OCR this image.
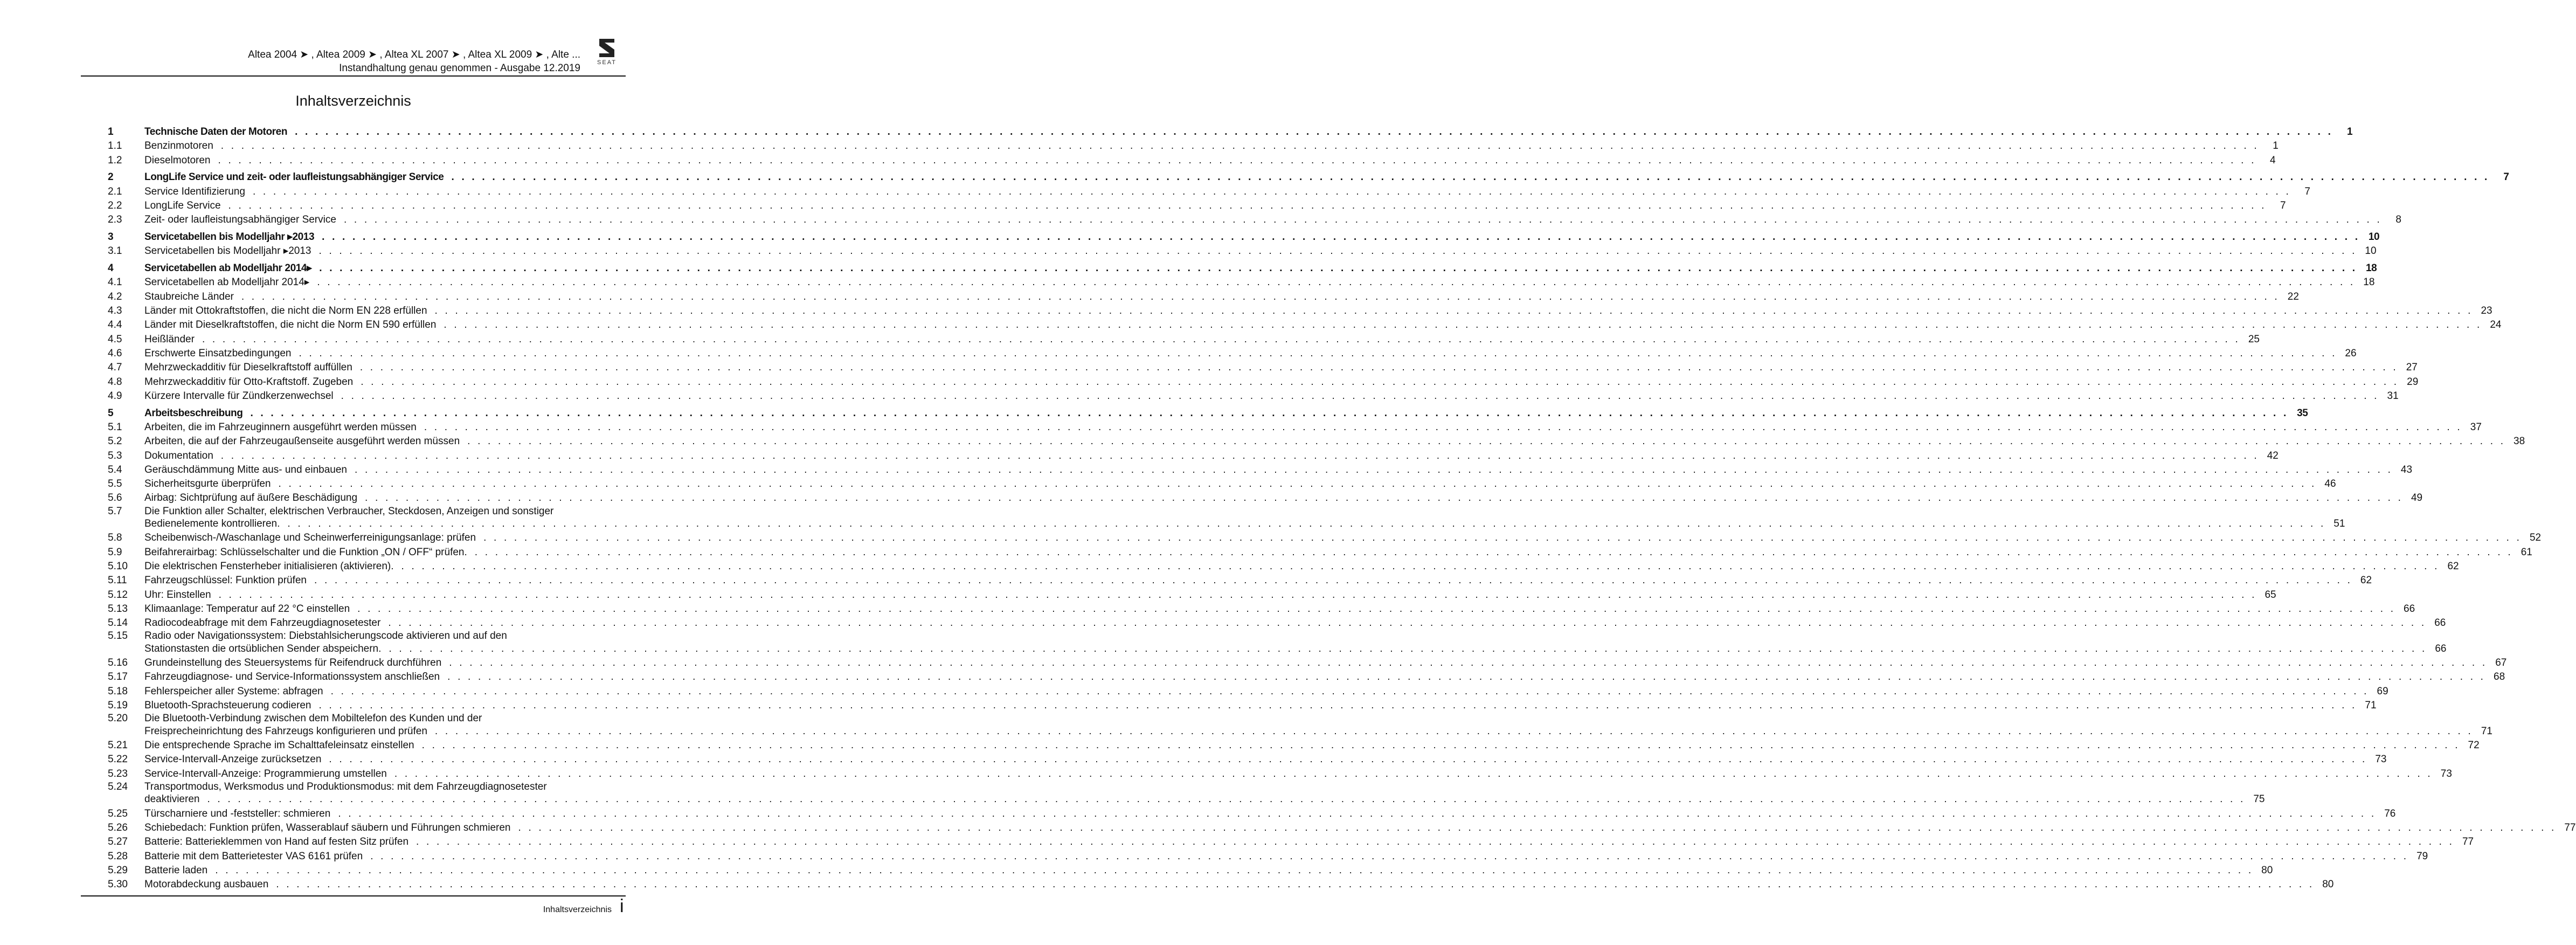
Altea 2004 ➤ , Altea 2009 ➤ , Altea XL 2007 ➤ , Altea XL 2009 ➤ , Alte ...
Instandhaltung genau genommen - Ausgabe 12.2019	SEAT
Inhaltsverzeichnis
1	Technische Daten der Motoren . . . . . . . . . . . . . . . . . . . . . . . . . . . . . . . . . . . . . . . . . . . . . . . . . . . . . . . . . . . . . . . . . . . . . . . . . . . . . . . . . . . . . . . . . . . . . . . . . . . . . . . . . . . . . . . . . . . . . . . . . . . . . . . . . . . . . . . . . . . . . . . . . . . . . . . . . . . . . . . . . . . . . . . . . . . . . . . . . . . . . . . . . . . . . . . . . . . . . . . .	1
1.1	Benzinmotoren . . . . . . . . . . . . . . . . . . . . . . . . . . . . . . . . . . . . . . . . . . . . . . . . . . . . . . . . . . . . . . . . . . . . . . . . . . . . . . . . . . . . . . . . . . . . . . . . . . . . . . . . . . . . . . . . . . . . . . . . . . . . . . . . . . . . . . . . . . . . . . . . . . . . . . . . . . . . . . . . . . . . . . . . . . . . . . . . . . . . . . . . . . . . . . . . . . . . . . . .	1
1.2	Dieselmotoren . . . . . . . . . . . . . . . . . . . . . . . . . . . . . . . . . . . . . . . . . . . . . . . . . . . . . . . . . . . . . . . . . . . . . . . . . . . . . . . . . . . . . . . . . . . . . . . . . . . . . . . . . . . . . . . . . . . . . . . . . . . . . . . . . . . . . . . . . . . . . . . . . . . . . . . . . . . . . . . . . . . . . . . . . . . . . . . . . . . . . . . . . . . . . . . . . . . . . . . .	4
2	LongLife Service und zeit- oder laufleistungsabhängiger Service . . . . . . . . . . . . . . . . . . . . . . . . . . . . . . . . . . . . . . . . . . . . . . . . . . . . . . . . . . . . . . . . . . . . . . . . . . . . . . . . . . . . . . . . . . . . . . . . . . . . . . . . . . . . . . . . . . . . . . . . . . . . . . . . . . . . . . . . . . . . . . . . . . . . . . . . . . . . . . . . . . . . . . . . . . . . . . . . . . . . . . . . . . . . . . . . . . . . . . . .	7
2.1	Service Identifizierung . . . . . . . . . . . . . . . . . . . . . . . . . . . . . . . . . . . . . . . . . . . . . . . . . . . . . . . . . . . . . . . . . . . . . . . . . . . . . . . . . . . . . . . . . . . . . . . . . . . . . . . . . . . . . . . . . . . . . . . . . . . . . . . . . . . . . . . . . . . . . . . . . . . . . . . . . . . . . . . . . . . . . . . . . . . . . . . . . . . . . . . . . . . . . . . . . . . . . . . .	7
2.2	LongLife Service . . . . . . . . . . . . . . . . . . . . . . . . . . . . . . . . . . . . . . . . . . . . . . . . . . . . . . . . . . . . . . . . . . . . . . . . . . . . . . . . . . . . . . . . . . . . . . . . . . . . . . . . . . . . . . . . . . . . . . . . . . . . . . . . . . . . . . . . . . . . . . . . . . . . . . . . . . . . . . . . . . . . . . . . . . . . . . . . . . . . . . . . . . . . . . . . . . . . . . . .	7
2.3	Zeit- oder laufleistungsabhängiger Service . . . . . . . . . . . . . . . . . . . . . . . . . . . . . . . . . . . . . . . . . . . . . . . . . . . . . . . . . . . . . . . . . . . . . . . . . . . . . . . . . . . . . . . . . . . . . . . . . . . . . . . . . . . . . . . . . . . . . . . . . . . . . . . . . . . . . . . . . . . . . . . . . . . . . . . . . . . . . . . . . . . . . . . . . . . . . . . . . . . . . . . . . . . . . . . . . . . . . . . .	8
3	Servicetabellen bis Modelljahr ▸2013 . . . . . . . . . . . . . . . . . . . . . . . . . . . . . . . . . . . . . . . . . . . . . . . . . . . . . . . . . . . . . . . . . . . . . . . . . . . . . . . . . . . . . . . . . . . . . . . . . . . . . . . . . . . . . . . . . . . . . . . . . . . . . . . . . . . . . . . . . . . . . . . . . . . . . . . . . . . . . . . . . . . . . . . . . . . . . . . . . . . . . . . . . . . . . . . . . . . . . . . . 10
3.1	Servicetabellen bis Modelljahr ▸2013 . . . . . . . . . . . . . . . . . . . . . . . . . . . . . . . . . . . . . . . . . . . . . . . . . . . . . . . . . . . . . . . . . . . . . . . . . . . . . . . . . . . . . . . . . . . . . . . . . . . . . . . . . . . . . . . . . . . . . . . . . . . . . . . . . . . . . . . . . . . . . . . . . . . . . . . . . . . . . . . . . . . . . . . . . . . . . . . . . . . . . . . . . . . . . . . . . . . . . . . . 10
4	Servicetabellen ab Modelljahr 2014▸ . . . . . . . . . . . . . . . . . . . . . . . . . . . . . . . . . . . . . . . . . . . . . . . . . . . . . . . . . . . . . . . . . . . . . . . . . . . . . . . . . . . . . . . . . . . . . . . . . . . . . . . . . . . . . . . . . . . . . . . . . . . . . . . . . . . . . . . . . . . . . . . . . . . . . . . . . . . . . . . . . . . . . . . . . . . . . . . . . . . . . . . . . . . . . . . . . . . . . . . . 18
4.1	Servicetabellen ab Modelljahr 2014▸ . . . . . . . . . . . . . . . . . . . . . . . . . . . . . . . . . . . . . . . . . . . . . . . . . . . . . . . . . . . . . . . . . . . . . . . . . . . . . . . . . . . . . . . . . . . . . . . . . . . . . . . . . . . . . . . . . . . . . . . . . . . . . . . . . . . . . . . . . . . . . . . . . . . . . . . . . . . . . . . . . . . . . . . . . . . . . . . . . . . . . . . . . . . . . . . . . . . . . . . . 18
4.2	Staubreiche Länder . . . . . . . . . . . . . . . . . . . . . . . . . . . . . . . . . . . . . . . . . . . . . . . . . . . . . . . . . . . . . . . . . . . . . . . . . . . . . . . . . . . . . . . . . . . . . . . . . . . . . . . . . . . . . . . . . . . . . . . . . . . . . . . . . . . . . . . . . . . . . . . . . . . . . . . . . . . . . . . . . . . . . . . . . . . . . . . . . . . . . . . . . . . . . . . . . . . . . . . . 22
4.3	Länder mit Ottokraftstoffen, die nicht die Norm EN 228 erfüllen . . . . . . . . . . . . . . . . . . . . . . . . . . . . . . . . . . . . . . . . . . . . . . . . . . . . . . . . . . . . . . . . . . . . . . . . . . . . . . . . . . . . . . . . . . . . . . . . . . . . . . . . . . . . . . . . . . . . . . . . . . . . . . . . . . . . . . . . . . . . . . . . . . . . . . . . . . . . . . . . . . . . . . . . . . . . . . . . . . . . . . . . . . . . . . . . . . . . . . . . 23
4.4	Länder mit Dieselkraftstoffen, die nicht die Norm EN 590 erfüllen . . . . . . . . . . . . . . . . . . . . . . . . . . . . . . . . . . . . . . . . . . . . . . . . . . . . . . . . . . . . . . . . . . . . . . . . . . . . . . . . . . . . . . . . . . . . . . . . . . . . . . . . . . . . . . . . . . . . . . . . . . . . . . . . . . . . . . . . . . . . . . . . . . . . . . . . . . . . . . . . . . . . . . . . . . . . . . . . . . . . . . . . . . . . . . . . . . . . . . . . 24
4.5	Heißländer . . . . . . . . . . . . . . . . . . . . . . . . . . . . . . . . . . . . . . . . . . . . . . . . . . . . . . . . . . . . . . . . . . . . . . . . . . . . . . . . . . . . . . . . . . . . . . . . . . . . . . . . . . . . . . . . . . . . . . . . . . . . . . . . . . . . . . . . . . . . . . . . . . . . . . . . . . . . . . . . . . . . . . . . . . . . . . . . . . . . . . . . . . . . . . . . . . . . . . . . 25
4.6	Erschwerte Einsatzbedingungen . . . . . . . . . . . . . . . . . . . . . . . . . . . . . . . . . . . . . . . . . . . . . . . . . . . . . . . . . . . . . . . . . . . . . . . . . . . . . . . . . . . . . . . . . . . . . . . . . . . . . . . . . . . . . . . . . . . . . . . . . . . . . . . . . . . . . . . . . . . . . . . . . . . . . . . . . . . . . . . . . . . . . . . . . . . . . . . . . . . . . . . . . . . . . . . . . . . . . . . . 26
4.7	Mehrzweckadditiv für Dieselkraftstoff auffüllen . . . . . . . . . . . . . . . . . . . . . . . . . . . . . . . . . . . . . . . . . . . . . . . . . . . . . . . . . . . . . . . . . . . . . . . . . . . . . . . . . . . . . . . . . . . . . . . . . . . . . . . . . . . . . . . . . . . . . . . . . . . . . . . . . . . . . . . . . . . . . . . . . . . . . . . . . . . . . . . . . . . . . . . . . . . . . . . . . . . . . . . . . . . . . . . . . . . . . . . . 27
4.8	Mehrzweckadditiv für Otto-Kraftstoff. Zugeben . . . . . . . . . . . . . . . . . . . . . . . . . . . . . . . . . . . . . . . . . . . . . . . . . . . . . . . . . . . . . . . . . . . . . . . . . . . . . . . . . . . . . . . . . . . . . . . . . . . . . . . . . . . . . . . . . . . . . . . . . . . . . . . . . . . . . . . . . . . . . . . . . . . . . . . . . . . . . . . . . . . . . . . . . . . . . . . . . . . . . . . . . . . . . . . . . . . . . . . . 29
4.9	Kürzere Intervalle für Zündkerzenwechsel . . . . . . . . . . . . . . . . . . . . . . . . . . . . . . . . . . . . . . . . . . . . . . . . . . . . . . . . . . . . . . . . . . . . . . . . . . . . . . . . . . . . . . . . . . . . . . . . . . . . . . . . . . . . . . . . . . . . . . . . . . . . . . . . . . . . . . . . . . . . . . . . . . . . . . . . . . . . . . . . . . . . . . . . . . . . . . . . . . . . . . . . . . . . . . . . . . . . . . . . 31
5	Arbeitsbeschreibung . . . . . . . . . . . . . . . . . . . . . . . . . . . . . . . . . . . . . . . . . . . . . . . . . . . . . . . . . . . . . . . . . . . . . . . . . . . . . . . . . . . . . . . . . . . . . . . . . . . . . . . . . . . . . . . . . . . . . . . . . . . . . . . . . . . . . . . . . . . . . . . . . . . . . . . . . . . . . . . . . . . . . . . . . . . . . . . . . . . . . . . . . . . . . . . . . . . . . . . . 35
5.1	Arbeiten, die im Fahrzeuginnern ausgeführt werden müssen . . . . . . . . . . . . . . . . . . . . . . . . . . . . . . . . . . . . . . . . . . . . . . . . . . . . . . . . . . . . . . . . . . . . . . . . . . . . . . . . . . . . . . . . . . . . . . . . . . . . . . . . . . . . . . . . . . . . . . . . . . . . . . . . . . . . . . . . . . . . . . . . . . . . . . . . . . . . . . . . . . . . . . . . . . . . . . . . . . . . . . . . . . . . . . . . . . . . . . . . 37
5.2	Arbeiten, die auf der Fahrzeugaußenseite ausgeführt werden müssen . . . . . . . . . . . . . . . . . . . . . . . . . . . . . . . . . . . . . . . . . . . . . . . . . . . . . . . . . . . . . . . . . . . . . . . . . . . . . . . . . . . . . . . . . . . . . . . . . . . . . . . . . . . . . . . . . . . . . . . . . . . . . . . . . . . . . . . . . . . . . . . . . . . . . . . . . . . . . . . . . . . . . . . . . . . . . . . . . . . . . . . . . . . . . . . . . . . . . . . . 38
5.3	Dokumentation . . . . . . . . . . . . . . . . . . . . . . . . . . . . . . . . . . . . . . . . . . . . . . . . . . . . . . . . . . . . . . . . . . . . . . . . . . . . . . . . . . . . . . . . . . . . . . . . . . . . . . . . . . . . . . . . . . . . . . . . . . . . . . . . . . . . . . . . . . . . . . . . . . . . . . . . . . . . . . . . . . . . . . . . . . . . . . . . . . . . . . . . . . . . . . . . . . . . . . . . 42
5.4	Geräuschdämmung Mitte aus- und einbauen . . . . . . . . . . . . . . . . . . . . . . . . . . . . . . . . . . . . . . . . . . . . . . . . . . . . . . . . . . . . . . . . . . . . . . . . . . . . . . . . . . . . . . . . . . . . . . . . . . . . . . . . . . . . . . . . . . . . . . . . . . . . . . . . . . . . . . . . . . . . . . . . . . . . . . . . . . . . . . . . . . . . . . . . . . . . . . . . . . . . . . . . . . . . . . . . . . . . . . . . 43
5.5	Sicherheitsgurte überprüfen . . . . . . . . . . . . . . . . . . . . . . . . . . . . . . . . . . . . . . . . . . . . . . . . . . . . . . . . . . . . . . . . . . . . . . . . . . . . . . . . . . . . . . . . . . . . . . . . . . . . . . . . . . . . . . . . . . . . . . . . . . . . . . . . . . . . . . . . . . . . . . . . . . . . . . . . . . . . . . . . . . . . . . . . . . . . . . . . . . . . . . . . . . . . . . . . . . . . . . . . 46
5.6	Airbag: Sichtprüfung auf äußere Beschädigung . . . . . . . . . . . . . . . . . . . . . . . . . . . . . . . . . . . . . . . . . . . . . . . . . . . . . . . . . . . . . . . . . . . . . . . . . . . . . . . . . . . . . . . . . . . . . . . . . . . . . . . . . . . . . . . . . . . . . . . . . . . . . . . . . . . . . . . . . . . . . . . . . . . . . . . . . . . . . . . . . . . . . . . . . . . . . . . . . . . . . . . . . . . . . . . . . . . . . . . . 49
5.7	Die Funktion aller Schalter, elektrischen Verbraucher, Steckdosen, Anzeigen und sonstiger
Bedienelemente kontrollieren. . . . . . . . . . . . . . . . . . . . . . . . . . . . . . . . . . . . . . . . . . . . . . . . . . . . . . . . . . . . . . . . . . . . . . . . . . . . . . . . . . . . . . . . . . . . . . . . . . . . . . . . . . . . . . . . . . . . . . . . . . . . . . . . . . . . . . . . . . . . . . . . . . . . . . . . . . . . . . . . . . . . . . . . . . . . . . . . . . . . . . . . . . . . . . . . . . . . . . . . . 51
5.8	Scheibenwisch-/Waschanlage und Scheinwerferreinigungsanlage: prüfen . . . . . . . . . . . . . . . . . . . . . . . . . . . . . . . . . . . . . . . . . . . . . . . . . . . . . . . . . . . . . . . . . . . . . . . . . . . . . . . . . . . . . . . . . . . . . . . . . . . . . . . . . . . . . . . . . . . . . . . . . . . . . . . . . . . . . . . . . . . . . . . . . . . . . . . . . . . . . . . . . . . . . . . . . . . . . . . . . . . . . . . . . . . . . . . . . . . . . . . . 52
5.9	Beifahrerairbag: Schlüsselschalter und die Funktion „ON / OFF“ prüfen. . . . . . . . . . . . . . . . . . . . . . . . . . . . . . . . . . . . . . . . . . . . . . . . . . . . . . . . . . . . . . . . . . . . . . . . . . . . . . . . . . . . . . . . . . . . . . . . . . . . . . . . . . . . . . . . . . . . . . . . . . . . . . . . . . . . . . . . . . . . . . . . . . . . . . . . . . . . . . . . . . . . . . . . . . . . . . . . . . . . . . . . . . . . . . . . . . . . . . . . . 61
5.10	Die elektrischen Fensterheber initialisieren (aktivieren). . . . . . . . . . . . . . . . . . . . . . . . . . . . . . . . . . . . . . . . . . . . . . . . . . . . . . . . . . . . . . . . . . . . . . . . . . . . . . . . . . . . . . . . . . . . . . . . . . . . . . . . . . . . . . . . . . . . . . . . . . . . . . . . . . . . . . . . . . . . . . . . . . . . . . . . . . . . . . . . . . . . . . . . . . . . . . . . . . . . . . . . . . . . . . . . . . . . . . . . . 62
5.11	Fahrzeugschlüssel: Funktion prüfen . . . . . . . . . . . . . . . . . . . . . . . . . . . . . . . . . . . . . . . . . . . . . . . . . . . . . . . . . . . . . . . . . . . . . . . . . . . . . . . . . . . . . . . . . . . . . . . . . . . . . . . . . . . . . . . . . . . . . . . . . . . . . . . . . . . . . . . . . . . . . . . . . . . . . . . . . . . . . . . . . . . . . . . . . . . . . . . . . . . . . . . . . . . . . . . . . . . . . . . . 62
5.12	Uhr: Einstellen . . . . . . . . . . . . . . . . . . . . . . . . . . . . . . . . . . . . . . . . . . . . . . . . . . . . . . . . . . . . . . . . . . . . . . . . . . . . . . . . . . . . . . . . . . . . . . . . . . . . . . . . . . . . . . . . . . . . . . . . . . . . . . . . . . . . . . . . . . . . . . . . . . . . . . . . . . . . . . . . . . . . . . . . . . . . . . . . . . . . . . . . . . . . . . . . . . . . . . . . 65
5.13	Klimaanlage: Temperatur auf 22 °C einstellen . . . . . . . . . . . . . . . . . . . . . . . . . . . . . . . . . . . . . . . . . . . . . . . . . . . . . . . . . . . . . . . . . . . . . . . . . . . . . . . . . . . . . . . . . . . . . . . . . . . . . . . . . . . . . . . . . . . . . . . . . . . . . . . . . . . . . . . . . . . . . . . . . . . . . . . . . . . . . . . . . . . . . . . . . . . . . . . . . . . . . . . . . . . . . . . . . . . . . . . . 66
5.14	Radiocodeabfrage mit dem Fahrzeugdiagnosetester . . . . . . . . . . . . . . . . . . . . . . . . . . . . . . . . . . . . . . . . . . . . . . . . . . . . . . . . . . . . . . . . . . . . . . . . . . . . . . . . . . . . . . . . . . . . . . . . . . . . . . . . . . . . . . . . . . . . . . . . . . . . . . . . . . . . . . . . . . . . . . . . . . . . . . . . . . . . . . . . . . . . . . . . . . . . . . . . . . . . . . . . . . . . . . . . . . . . . . . . 66
5.15	Radio oder Navigationssystem: Diebstahlsicherungscode aktivieren und auf den
Stationstasten die ortsüblichen Sender abspeichern. . . . . . . . . . . . . . . . . . . . . . . . . . . . . . . . . . . . . . . . . . . . . . . . . . . . . . . . . . . . . . . . . . . . . . . . . . . . . . . . . . . . . . . . . . . . . . . . . . . . . . . . . . . . . . . . . . . . . . . . . . . . . . . . . . . . . . . . . . . . . . . . . . . . . . . . . . . . . . . . . . . . . . . . . . . . . . . . . . . . . . . . . . . . . . . . . . . . . . . . . 66
5.16	Grundeinstellung des Steuersystems für Reifendruck durchführen . . . . . . . . . . . . . . . . . . . . . . . . . . . . . . . . . . . . . . . . . . . . . . . . . . . . . . . . . . . . . . . . . . . . . . . . . . . . . . . . . . . . . . . . . . . . . . . . . . . . . . . . . . . . . . . . . . . . . . . . . . . . . . . . . . . . . . . . . . . . . . . . . . . . . . . . . . . . . . . . . . . . . . . . . . . . . . . . . . . . . . . . . . . . . . . . . . . . . . . . 67
5.17	Fahrzeugdiagnose- und Service-Informationssystem anschließen . . . . . . . . . . . . . . . . . . . . . . . . . . . . . . . . . . . . . . . . . . . . . . . . . . . . . . . . . . . . . . . . . . . . . . . . . . . . . . . . . . . . . . . . . . . . . . . . . . . . . . . . . . . . . . . . . . . . . . . . . . . . . . . . . . . . . . . . . . . . . . . . . . . . . . . . . . . . . . . . . . . . . . . . . . . . . . . . . . . . . . . . . . . . . . . . . . . . . . . . 68
5.18	Fehlerspeicher aller Systeme: abfragen . . . . . . . . . . . . . . . . . . . . . . . . . . . . . . . . . . . . . . . . . . . . . . . . . . . . . . . . . . . . . . . . . . . . . . . . . . . . . . . . . . . . . . . . . . . . . . . . . . . . . . . . . . . . . . . . . . . . . . . . . . . . . . . . . . . . . . . . . . . . . . . . . . . . . . . . . . . . . . . . . . . . . . . . . . . . . . . . . . . . . . . . . . . . . . . . . . . . . . . . 69
5.19	Bluetooth-Sprachsteuerung codieren . . . . . . . . . . . . . . . . . . . . . . . . . . . . . . . . . . . . . . . . . . . . . . . . . . . . . . . . . . . . . . . . . . . . . . . . . . . . . . . . . . . . . . . . . . . . . . . . . . . . . . . . . . . . . . . . . . . . . . . . . . . . . . . . . . . . . . . . . . . . . . . . . . . . . . . . . . . . . . . . . . . . . . . . . . . . . . . . . . . . . . . . . . . . . . . . . . . . . . . . 71
5.20	Die Bluetooth-Verbindung zwischen dem Mobiltelefon des Kunden und der
Freisprecheinrichtung des Fahrzeugs konfigurieren und prüfen . . . . . . . . . . . . . . . . . . . . . . . . . . . . . . . . . . . . . . . . . . . . . . . . . . . . . . . . . . . . . . . . . . . . . . . . . . . . . . . . . . . . . . . . . . . . . . . . . . . . . . . . . . . . . . . . . . . . . . . . . . . . . . . . . . . . . . . . . . . . . . . . . . . . . . . . . . . . . . . . . . . . . . . . . . . . . . . . . . . . . . . . . . . . . . . . . . . . . . . . 71
5.21	Die entsprechende Sprache im Schalttafeleinsatz einstellen . . . . . . . . . . . . . . . . . . . . . . . . . . . . . . . . . . . . . . . . . . . . . . . . . . . . . . . . . . . . . . . . . . . . . . . . . . . . . . . . . . . . . . . . . . . . . . . . . . . . . . . . . . . . . . . . . . . . . . . . . . . . . . . . . . . . . . . . . . . . . . . . . . . . . . . . . . . . . . . . . . . . . . . . . . . . . . . . . . . . . . . . . . . . . . . . . . . . . . . . 72
5.22	Service-Intervall-Anzeige zurücksetzen . . . . . . . . . . . . . . . . . . . . . . . . . . . . . . . . . . . . . . . . . . . . . . . . . . . . . . . . . . . . . . . . . . . . . . . . . . . . . . . . . . . . . . . . . . . . . . . . . . . . . . . . . . . . . . . . . . . . . . . . . . . . . . . . . . . . . . . . . . . . . . . . . . . . . . . . . . . . . . . . . . . . . . . . . . . . . . . . . . . . . . . . . . . . . . . . . . . . . . . . 73
5.23	Service-Intervall-Anzeige: Programmierung umstellen . . . . . . . . . . . . . . . . . . . . . . . . . . . . . . . . . . . . . . . . . . . . . . . . . . . . . . . . . . . . . . . . . . . . . . . . . . . . . . . . . . . . . . . . . . . . . . . . . . . . . . . . . . . . . . . . . . . . . . . . . . . . . . . . . . . . . . . . . . . . . . . . . . . . . . . . . . . . . . . . . . . . . . . . . . . . . . . . . . . . . . . . . . . . . . . . . . . . . . . . 73
5.24	Transportmodus, Werksmodus und Produktionsmodus: mit dem Fahrzeugdiagnosetester
deaktivieren . . . . . . . . . . . . . . . . . . . . . . . . . . . . . . . . . . . . . . . . . . . . . . . . . . . . . . . . . . . . . . . . . . . . . . . . . . . . . . . . . . . . . . . . . . . . . . . . . . . . . . . . . . . . . . . . . . . . . . . . . . . . . . . . . . . . . . . . . . . . . . . . . . . . . . . . . . . . . . . . . . . . . . . . . . . . . . . . . . . . . . . . . . . . . . . . . . . . . . . . 75
5.25	Türscharniere und -feststeller: schmieren . . . . . . . . . . . . . . . . . . . . . . . . . . . . . . . . . . . . . . . . . . . . . . . . . . . . . . . . . . . . . . . . . . . . . . . . . . . . . . . . . . . . . . . . . . . . . . . . . . . . . . . . . . . . . . . . . . . . . . . . . . . . . . . . . . . . . . . . . . . . . . . . . . . . . . . . . . . . . . . . . . . . . . . . . . . . . . . . . . . . . . . . . . . . . . . . . . . . . . . . 76
5.26	Schiebedach: Funktion prüfen, Wasserablauf säubern und Führungen schmieren . . . . . . . . . . . . . . . . . . . . . . . . . . . . . . . . . . . . . . . . . . . . . . . . . . . . . . . . . . . . . . . . . . . . . . . . . . . . . . . . . . . . . . . . . . . . . . . . . . . . . . . . . . . . . . . . . . . . . . . . . . . . . . . . . . . . . . . . . . . . . . . . . . . . . . . . . . . . . . . . . . . . . . . . . . . . . . . . . . . . . . . . . . . . . . . . . . . . . . . . 77
5.27	Batterie: Batterieklemmen von Hand auf festen Sitz prüfen . . . . . . . . . . . . . . . . . . . . . . . . . . . . . . . . . . . . . . . . . . . . . . . . . . . . . . . . . . . . . . . . . . . . . . . . . . . . . . . . . . . . . . . . . . . . . . . . . . . . . . . . . . . . . . . . . . . . . . . . . . . . . . . . . . . . . . . . . . . . . . . . . . . . . . . . . . . . . . . . . . . . . . . . . . . . . . . . . . . . . . . . . . . . . . . . . . . . . . . . 77
5.28	Batterie mit dem Batterietester VAS 6161 prüfen . . . . . . . . . . . . . . . . . . . . . . . . . . . . . . . . . . . . . . . . . . . . . . . . . . . . . . . . . . . . . . . . . . . . . . . . . . . . . . . . . . . . . . . . . . . . . . . . . . . . . . . . . . . . . . . . . . . . . . . . . . . . . . . . . . . . . . . . . . . . . . . . . . . . . . . . . . . . . . . . . . . . . . . . . . . . . . . . . . . . . . . . . . . . . . . . . . . . . . . . 79
5.29	Batterie laden . . . . . . . . . . . . . . . . . . . . . . . . . . . . . . . . . . . . . . . . . . . . . . . . . . . . . . . . . . . . . . . . . . . . . . . . . . . . . . . . . . . . . . . . . . . . . . . . . . . . . . . . . . . . . . . . . . . . . . . . . . . . . . . . . . . . . . . . . . . . . . . . . . . . . . . . . . . . . . . . . . . . . . . . . . . . . . . . . . . . . . . . . . . . . . . . . . . . . . . . 80
5.30	Motorabdeckung ausbauen . . . . . . . . . . . . . . . . . . . . . . . . . . . . . . . . . . . . . . . . . . . . . . . . . . . . . . . . . . . . . . . . . . . . . . . . . . . . . . . . . . . . . . . . . . . . . . . . . . . . . . . . . . . . . . . . . . . . . . . . . . . . . . . . . . . . . . . . . . . . . . . . . . . . . . . . . . . . . . . . . . . . . . . . . . . . . . . . . . . . . . . . . . . . . . . . . . . . . . . . 80
Inhaltsverzeichnis i
